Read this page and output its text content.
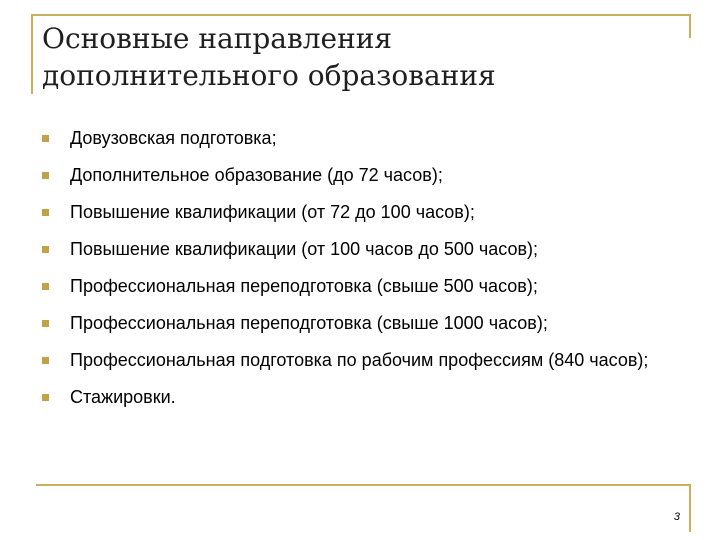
Основные направления
дополнительного образования
Довузовская подготовка;
Дополнительное образование (до 72 часов);
Повышение квалификации (от 72 до 100 часов);
Повышение квалификации (от 100 часов до 500 часов);
Профессиональная переподготовка (свыше 500 часов);
Профессиональная переподготовка (свыше 1000 часов);
Профессиональная подготовка по рабочим профессиям (840 часов);
Стажировки.
3
